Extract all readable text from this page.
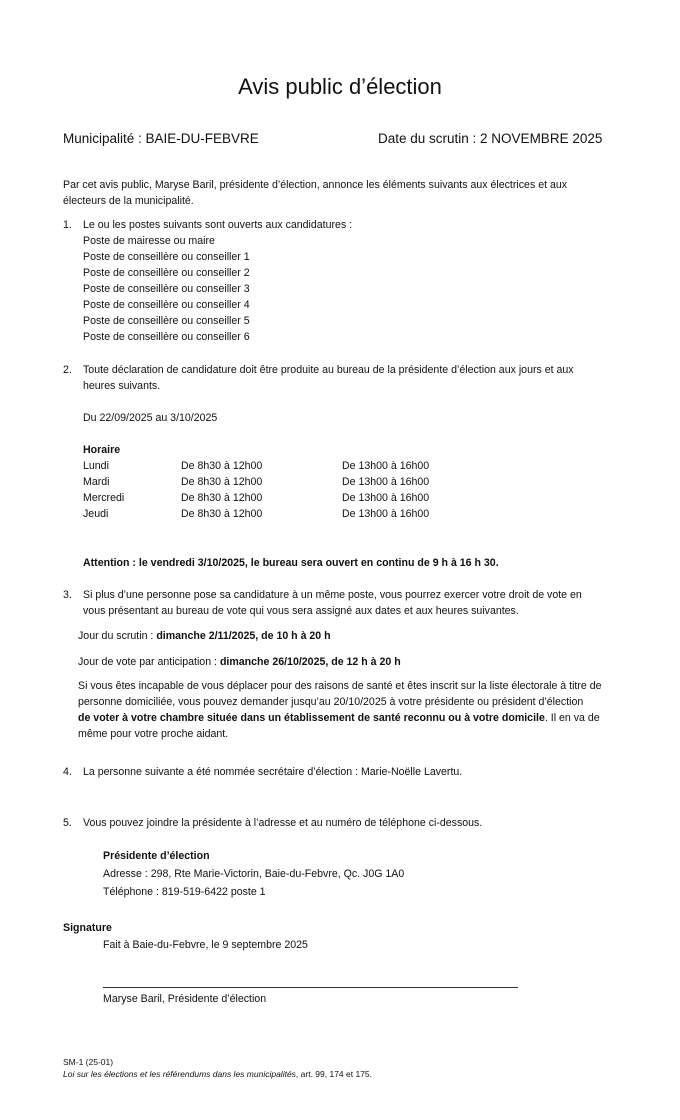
Avis public d’élection
Municipalité : BAIE-DU-FEBVRE	Date du scrutin : 2 NOVEMBRE 2025
Par cet avis public, Maryse Baril, présidente d’élection, annonce les éléments suivants aux électrices et aux
électeurs de la municipalité.
1.	Le ou les postes suivants sont ouverts aux candidatures :
Poste de mairesse ou maire
Poste de conseillère ou conseiller 1
Poste de conseillère ou conseiller 2
Poste de conseillère ou conseiller 3
Poste de conseillère ou conseiller 4
Poste de conseillère ou conseiller 5
Poste de conseillère ou conseiller 6
2.	Toute déclaration de candidature doit être produite au bureau de la présidente d’élection aux jours et aux
heures suivants.
Du 22/09/2025 au 3/10/2025
Horaire
Lundi	De 8h30 à 12h00	De 13h00 à 16h00
Mardi	De 8h30 à 12h00	De 13h00 à 16h00
Mercredi	De 8h30 à 12h00	De 13h00 à 16h00
Jeudi	De 8h30 à 12h00	De 13h00 à 16h00
Attention : le vendredi 3/10/2025, le bureau sera ouvert en continu de 9 h à 16 h 30.
3.	Si plus d’une personne pose sa candidature à un même poste, vous pourrez exercer votre droit de vote en
vous présentant au bureau de vote qui vous sera assigné aux dates et aux heures suivantes.
Jour du scrutin : dimanche 2/11/2025, de 10 h à 20 h
Jour de vote par anticipation : dimanche 26/10/2025, de 12 h à 20 h
Si vous êtes incapable de vous déplacer pour des raisons de santé et êtes inscrit sur la liste électorale à titre de
personne domiciliée, vous pouvez demander jusqu’au 20/10/2025 à votre présidente ou président d’élection
de voter à votre chambre située dans un établissement de santé reconnu ou à votre domicile. Il en va de
même pour votre proche aidant.
4.	La personne suivante a été nommée secrétaire d’élection : Marie-Noëlle Lavertu.
5.	Vous pouvez joindre la présidente à l’adresse et au numéro de téléphone ci-dessous.
Présidente d’élection
Adresse : 298, Rte Marie-Victorin, Baie-du-Febvre, Qc. J0G 1A0
Téléphone : 819-519-6422 poste 1
Signature
Fait à Baie-du-Febvre, le 9 septembre 2025
Maryse Baril, Présidente d’élection
SM-1 (25-01)
Loi sur les élections et les référendums dans les municipalités, art. 99, 174 et 175.
